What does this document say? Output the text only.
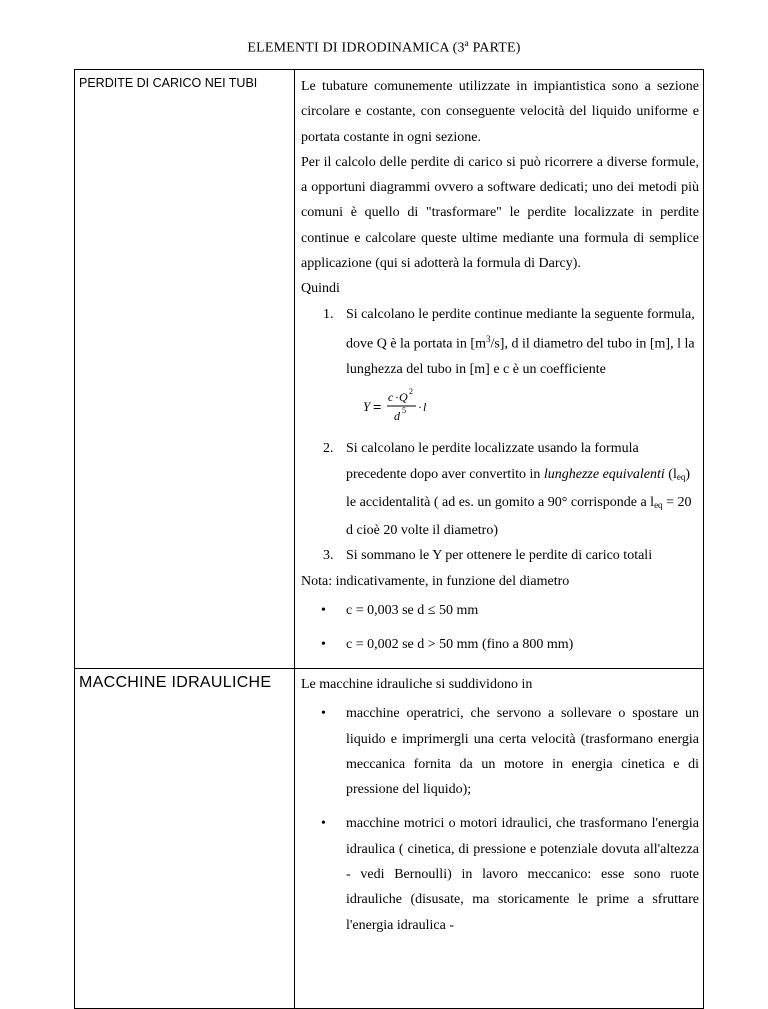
ELEMENTI DI IDRODINAMICA (3$^a$ PARTE)
PERDITE DI CARICO NEI TUBI	Le tubature comunemente utilizzate in impiantistica sono a sezione circolare e costante, con conseguente velocità del liquido uniforme e portata costante in ogni sezione.

Per il calcolo delle perdite di carico si può ricorrere a diverse formule, a opportuni diagrammi ovvero a software dedicati; uno dei metodi più comuni è quello di "trasformare" le perdite localizzate in perdite continue e calcolare queste ultime mediante una formula di semplice applicazione (qui si adotterà la formula di Darcy).

Quindi

1. Si calcolano le perdite continue mediante la seguente formula, dove Q è la portata in $[m^3/s]$, d il diametro del tubo in [m], l la lunghezza del tubo in [m] e c è un coefficiente
Y =
c · Q 2
d 5 · l
2. Si calcolano le perdite localizzate usando la formula precedente dopo aver convertito in lunghezze equivalenti $(l_{eq})$ le accidentalità ( ad es. un gomito a 90° corrisponde a $l_{eq} = 20$ d cioè 20 volte il diametro)
3. Si sommano le Y per ottenere le perdite di carico totali

Nota: indicativamente, in funzione del diametro

• c = 0,003 se d ≤ 50 mm
• c = 0,002 se d > 50 mm (fino a 800 mm)
MACCHINE IDRAULICHE Le macchine idrauliche si suddividono in

• macchine operatrici, che servono a sollevare o spostare un liquido e imprimergli una certa velocità (trasformano energia meccanica fornita da un motore in energia cinetica e di pressione del liquido);
• macchine motrici o motori idraulici, che trasformano l'energia idraulica ( cinetica, di pressione e potenziale dovuta all'altezza - vedi Bernoulli) in lavoro meccanico: esse sono ruote idrauliche (disusate, ma storicamente le prime a sfruttare l'energia idraulica -
